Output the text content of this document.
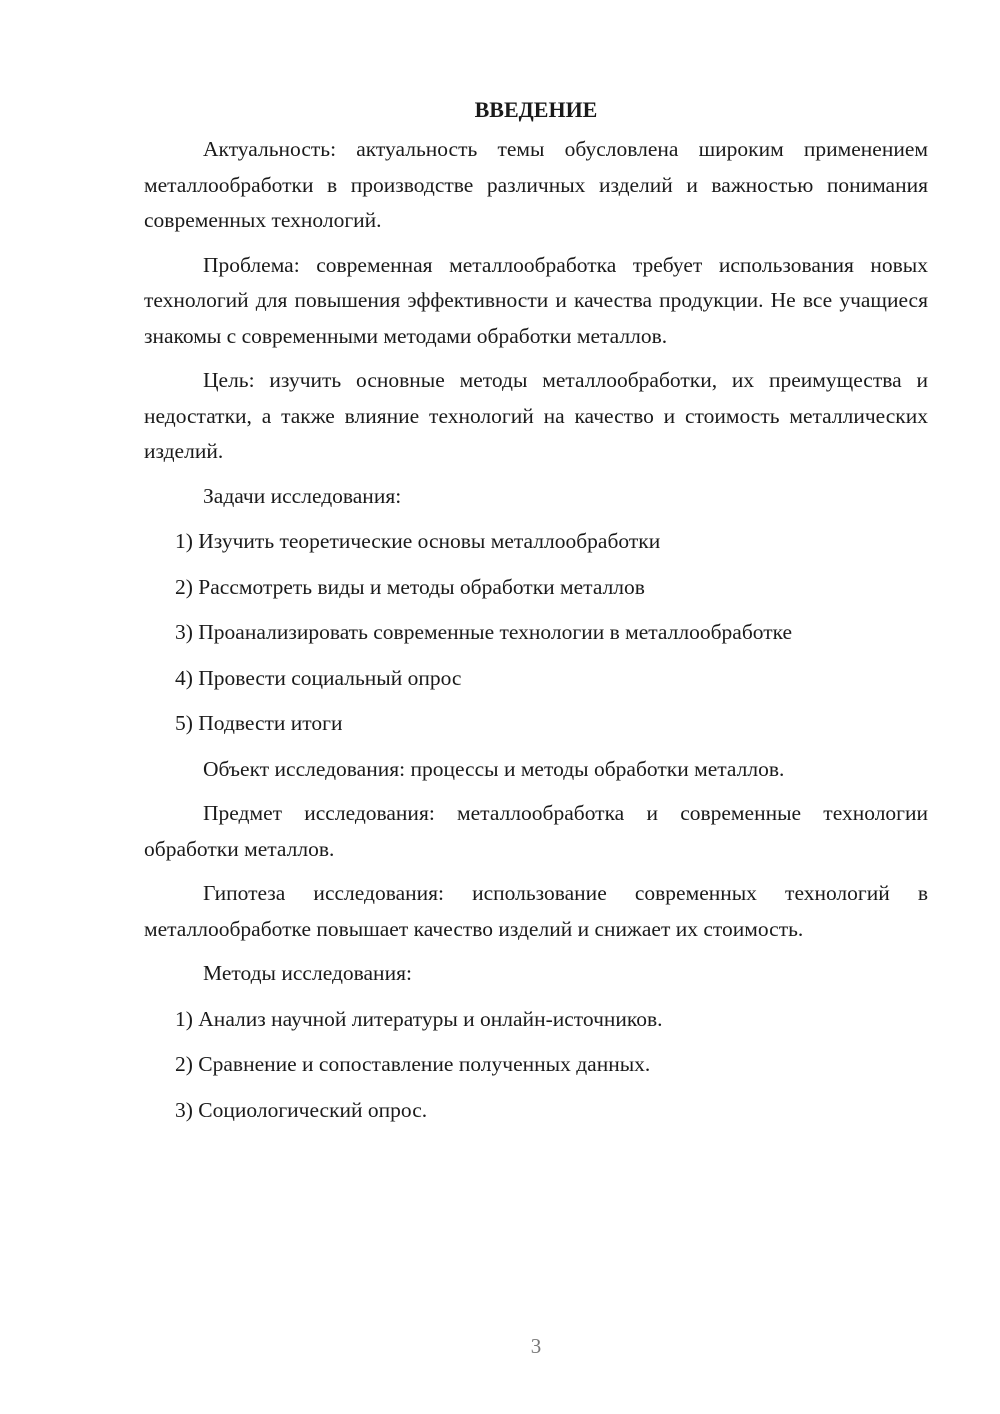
ВВЕДЕНИЕ

Актуальность: актуальность темы обусловлена широким применением металлообработки в производстве различных изделий и важностью понимания современных технологий.

Проблема: современная металлообработка требует использования новых технологий для повышения эффективности и качества продукции. Не все учащиеся знакомы с современными методами обработки металлов.

Цель: изучить основные методы металлообработки, их преимущества и недостатки, а также влияние технологий на качество и стоимость металлических изделий.

Задачи исследования:

1) Изучить теоретические основы металлообработки

2) Рассмотреть виды и методы обработки металлов

3) Проанализировать современные технологии в металлообработке

4) Провести социальный опрос

5) Подвести итоги

Объект исследования: процессы и методы обработки металлов.

Предмет исследования: металлообработка и современные технологии обработки металлов.

Гипотеза исследования: использование современных технологий в металлообработке повышает качество изделий и снижает их стоимость.

Методы исследования:

1) Анализ научной литературы и онлайн-источников.

2) Сравнение и сопоставление полученных данных.

3) Социологический опрос.

3
